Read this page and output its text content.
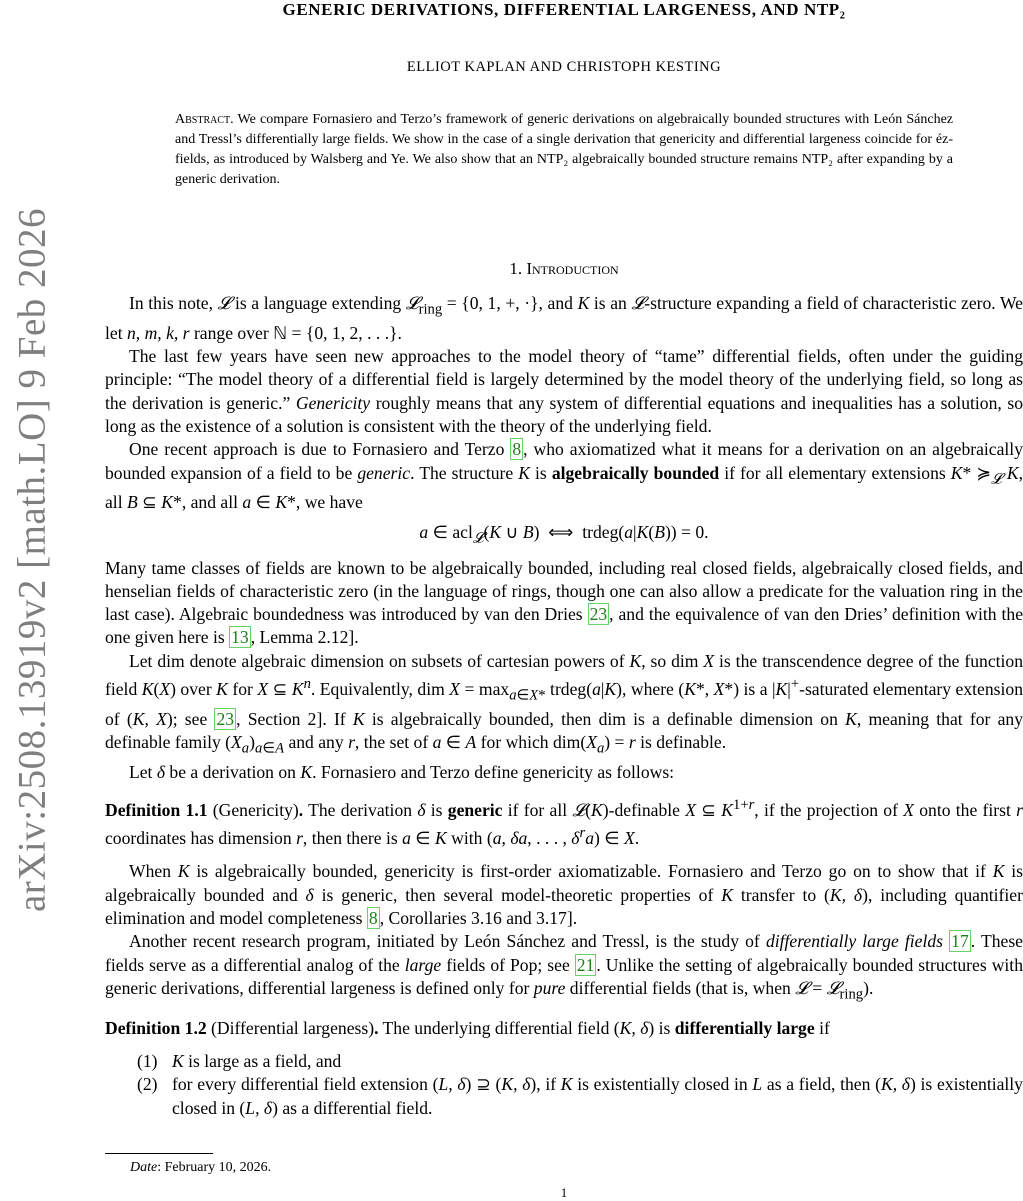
arXiv:2508.13919v2 [math.LO] 9 Feb 2026
GENERIC DERIVATIONS, DIFFERENTIAL LARGENESS, AND NTP₂
ELLIOT KAPLAN AND CHRISTOPH KESTING
Abstract. We compare Fornasiero and Terzo’s framework of generic derivations on algebraically bounded structures with León Sánchez and Tressl’s differentially large fields. We show in the case of a single derivation that genericity and differential largeness coincide for éz-fields, as introduced by Walsberg and Ye. We also show that an NTP₂ algebraically bounded structure remains NTP₂ after expanding by a generic derivation.
1. Introduction

In this note, 𝓛 is a language extending 𝓛$_{ring}$ = {0, 1, +, ·}, and K is an 𝓛-structure expanding a field of characteristic zero. We let n, m, k, r range over ℕ = {0, 1, 2, . . .}.

The last few years have seen new approaches to the model theory of “tame” differential fields, often under the guiding principle: “The model theory of a differential field is largely determined by the model theory of the underlying field, so long as the derivation is generic.” Genericity roughly means that any system of differential equations and inequalities has a solution, so long as the existence of a solution is consistent with the theory of the underlying field.

One recent approach is due to Fornasiero and Terzo 8 , who axiomatized what it means for a derivation on an algebraically bounded expansion of a field to be generic. The structure K is algebraically bounded if for all elementary extensions K* $≽_𝓛$ K, all B ⊆ K*, and all a ∈ K*, we have

a ∈ acl$_𝓛$(K ∪ B)  ⟺  trdeg(a|K(B)) = 0.

Many tame classes of fields are known to be algebraically bounded, including real closed fields, algebraically closed fields, and henselian fields of characteristic zero (in the language of rings, though one can also allow a predicate for the valuation ring in the last case). Algebraic boundedness was introduced by van den Dries 23 , and the equivalence of van den Dries’ definition with the one given here is 13 , Lemma 2.12].

Let dim denote algebraic dimension on subsets of cartesian powers of K, so dim X is the transcendence degree of the function field K(X) over K for X ⊆ $K^n$. Equivalently, dim $X = \max_{a\in X*}$ trdeg(a|K), where (K*, X*) is a |K|+-saturated elementary extension of (K, X); see 23 , Section 2]. If K is algebraically bounded, then dim is a definable dimension on K, meaning that for any definable family $(X_a)_{a\in A}$ and any r, the set of a ∈ A for which $dim(X_a) = r$ is definable.

Let δ be a derivation on K. Fornasiero and Terzo define genericity as follows:

Definition 1.1 (Genericity). The derivation δ is generic if for all 𝓛(K)-definable X ⊆ $K^{1+r}$, if the projection of X onto the first r coordinates has dimension r, then there is a ∈ K with (a, δa, . . . , $\delta^ra$) ∈ X.

When K is algebraically bounded, genericity is first-order axiomatizable. Fornasiero and Terzo go on to show that if K is algebraically bounded and δ is generic, then several model-theoretic properties of K transfer to (K, δ), including quantifier elimination and model completeness 8 , Corollaries 3.16 and 3.17].

Another recent research program, initiated by León Sánchez and Tressl, is the study of differentially large fields 17 . These fields serve as a differential analog of the large fields of Pop; see 21 . Unlike the setting of algebraically bounded structures with generic derivations, differential largeness is defined only for pure differential fields (that is, when 𝓛 = 𝓛$_{ring}$).

Definition 1.2 (Differential largeness). The underlying differential field (K, δ) is differentially large if

(1) K is large as a field, and
(2) for every differential field extension (L, δ) ⊇ (K, δ), if K is existentially closed in L as a field, then (K, δ) is existentially closed in (L, δ) as a differential field.
Date: February 10, 2026.
1
